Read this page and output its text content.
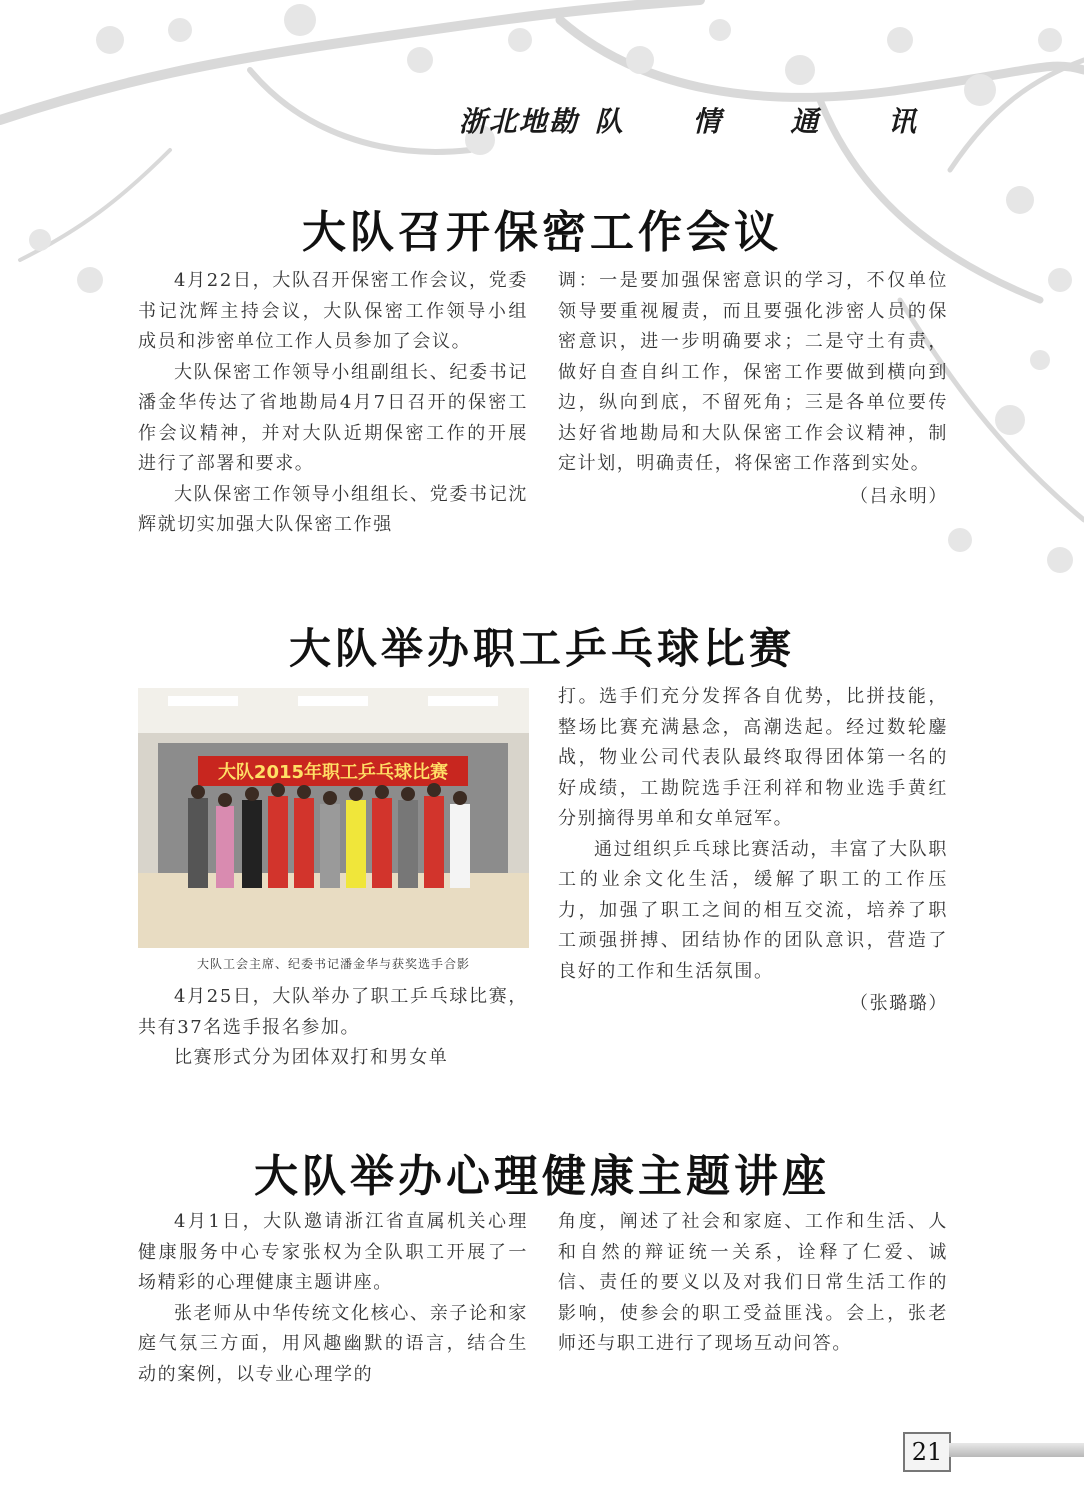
浙北地勘 队 情 通 讯
大队召开保密工作会议

4月22日，大队召开保密工作会议，党委书记沈辉主持会议，大队保密工作领导小组成员和涉密单位工作人员参加了会议。

大队保密工作领导小组副组长、纪委书记潘金华传达了省地勘局4月7日召开的保密工作会议精神，并对大队近期保密工作的开展进行了部署和要求。

大队保密工作领导小组组长、党委书记沈辉就切实加强大队保密工作强

调：一是要加强保密意识的学习，不仅单位领导要重视履责，而且要强化涉密人员的保密意识，进一步明确要求；二是守土有责，做好自查自纠工作，保密工作要做到横向到边，纵向到底，不留死角；三是各单位要传达好省地勘局和大队保密工作会议精神，制定计划，明确责任，将保密工作落到实处。

（吕永明）
大队举办职工乒乓球比赛
大队2015年职工乒乓球比赛
大队工会主席、纪委书记潘金华与获奖选手合影

4月25日，大队举办了职工乒乓球比赛，共有37名选手报名参加。

比赛形式分为团体双打和男女单

打。选手们充分发挥各自优势，比拼技能，整场比赛充满悬念，高潮迭起。经过数轮鏖战，物业公司代表队最终取得团体第一名的好成绩，工勘院选手汪利祥和物业选手黄红分别摘得男单和女单冠军。

通过组织乒乓球比赛活动，丰富了大队职工的业余文化生活，缓解了职工的工作压力，加强了职工之间的相互交流，培养了职工顽强拼搏、团结协作的团队意识，营造了良好的工作和生活氛围。

（张璐璐）
大队举办心理健康主题讲座

4月1日，大队邀请浙江省直属机关心理健康服务中心专家张权为全队职工开展了一场精彩的心理健康主题讲座。

张老师从中华传统文化核心、亲子论和家庭气氛三方面，用风趣幽默的语言，结合生动的案例，以专业心理学的

角度，阐述了社会和家庭、工作和生活、人和自然的辩证统一关系，诠释了仁爱、诚信、责任的要义以及对我们日常生活工作的影响，使参会的职工受益匪浅。会上，张老师还与职工进行了现场互动问答。

21
